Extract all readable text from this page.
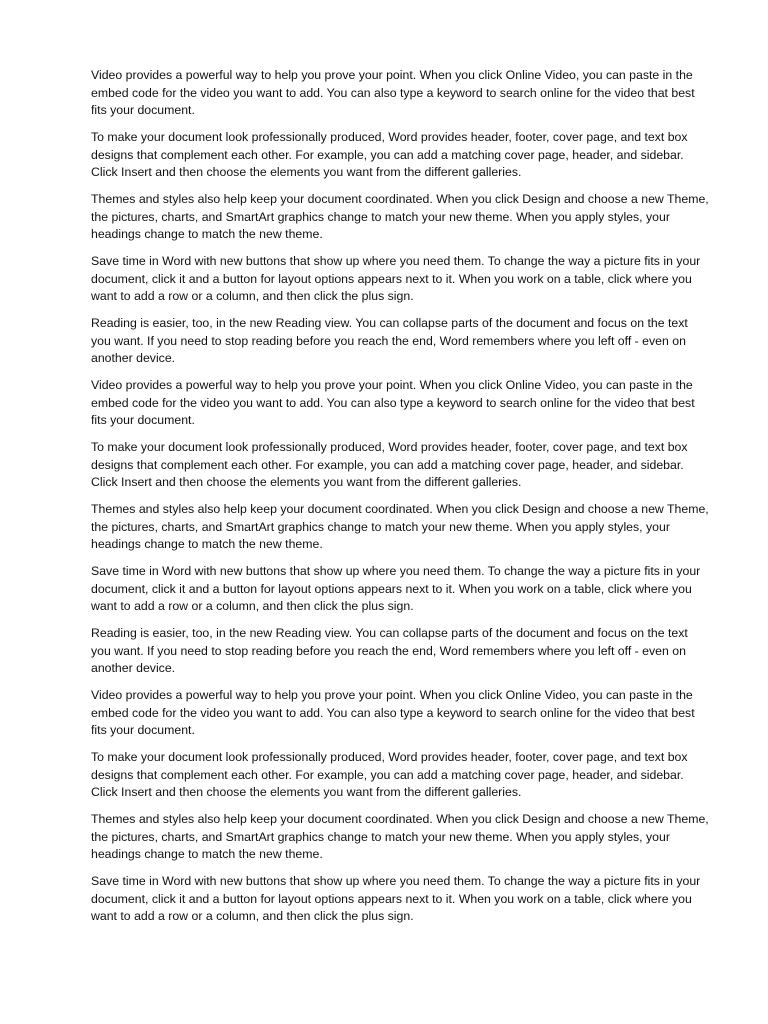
Video provides a powerful way to help you prove your point. When you click Online Video, you can paste in the embed code for the video you want to add. You can also type a keyword to search online for the video that best fits your document.

To make your document look professionally produced, Word provides header, footer, cover page, and text box designs that complement each other. For example, you can add a matching cover page, header, and sidebar. Click Insert and then choose the elements you want from the different galleries.

Themes and styles also help keep your document coordinated. When you click Design and choose a new Theme, the pictures, charts, and SmartArt graphics change to match your new theme. When you apply styles, your headings change to match the new theme.

Save time in Word with new buttons that show up where you need them. To change the way a picture fits in your document, click it and a button for layout options appears next to it. When you work on a table, click where you want to add a row or a column, and then click the plus sign.

Reading is easier, too, in the new Reading view. You can collapse parts of the document and focus on the text you want. If you need to stop reading before you reach the end, Word remembers where you left off - even on another device.

Video provides a powerful way to help you prove your point. When you click Online Video, you can paste in the embed code for the video you want to add. You can also type a keyword to search online for the video that best fits your document.

To make your document look professionally produced, Word provides header, footer, cover page, and text box designs that complement each other. For example, you can add a matching cover page, header, and sidebar. Click Insert and then choose the elements you want from the different galleries.

Themes and styles also help keep your document coordinated. When you click Design and choose a new Theme, the pictures, charts, and SmartArt graphics change to match your new theme. When you apply styles, your headings change to match the new theme.

Save time in Word with new buttons that show up where you need them. To change the way a picture fits in your document, click it and a button for layout options appears next to it. When you work on a table, click where you want to add a row or a column, and then click the plus sign.

Reading is easier, too, in the new Reading view. You can collapse parts of the document and focus on the text you want. If you need to stop reading before you reach the end, Word remembers where you left off - even on another device.

Video provides a powerful way to help you prove your point. When you click Online Video, you can paste in the embed code for the video you want to add. You can also type a keyword to search online for the video that best fits your document.

To make your document look professionally produced, Word provides header, footer, cover page, and text box designs that complement each other. For example, you can add a matching cover page, header, and sidebar. Click Insert and then choose the elements you want from the different galleries.

Themes and styles also help keep your document coordinated. When you click Design and choose a new Theme, the pictures, charts, and SmartArt graphics change to match your new theme. When you apply styles, your headings change to match the new theme.

Save time in Word with new buttons that show up where you need them. To change the way a picture fits in your document, click it and a button for layout options appears next to it. When you work on a table, click where you want to add a row or a column, and then click the plus sign.
